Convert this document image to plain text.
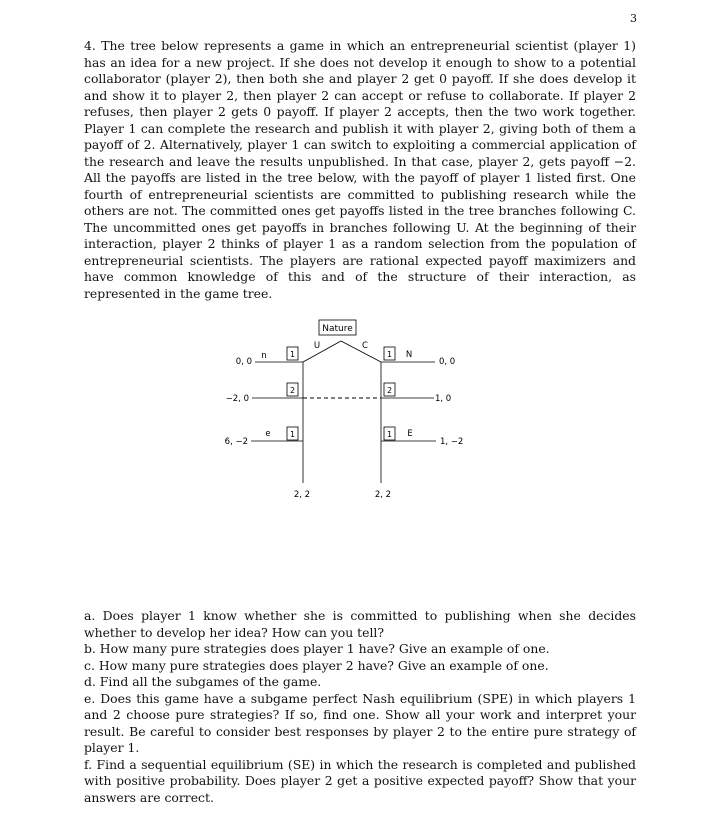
3

4. The tree below represents a game in which an entrepreneurial scientist (player 1) has an idea for a new project. If she does not develop it enough to show to a potential collaborator (player 2), then both she and player 2 get 0 payoff. If she does develop it and show it to player 2, then player 2 can accept or refuse to collaborate. If player 2 refuses, then player 2 gets 0 payoff. If player 2 accepts, then the two work together. Player 1 can complete the research and publish it with player 2, giving both of them a payoff of 2. Alternatively, player 1 can switch to exploiting a commercial application of the research and leave the results unpublished. In that case, player 2, gets payoff −2. All the payoffs are listed in the tree below, with the payoff of player 1 listed first. One fourth of entrepreneurial scientists are committed to publishing research while the others are not. The committed ones get payoffs listed in the tree branches following C. The uncommitted ones get payoffs in branches following U. At the beginning of their interaction, player 2 thinks of player 1 as a random selection from the population of entrepreneurial scientists. The players are rational expected payoff maximizers and have common knowledge of this and of the structure of their interaction, as represented in the game tree.

Nature
U	C
1
n
0, 0
2
−2, 0
1
e
6, −2
2, 2
1 N
0, 0
2
1, 0
1 E
1, −2
2, 2

a. Does player 1 know whether she is committed to publishing when she decides whether to develop her idea? How can you tell?

b. How many pure strategies does player 1 have? Give an example of one.

c. How many pure strategies does player 2 have? Give an example of one.

d. Find all the subgames of the game.

e. Does this game have a subgame perfect Nash equilibrium (SPE) in which players 1 and 2 choose pure strategies? If so, find one. Show all your work and interpret your result. Be careful to consider best responses by player 2 to the entire pure strategy of player 1.

f. Find a sequential equilibrium (SE) in which the research is completed and published with positive probability. Does player 2 get a positive expected payoff? Show that your answers are correct.
